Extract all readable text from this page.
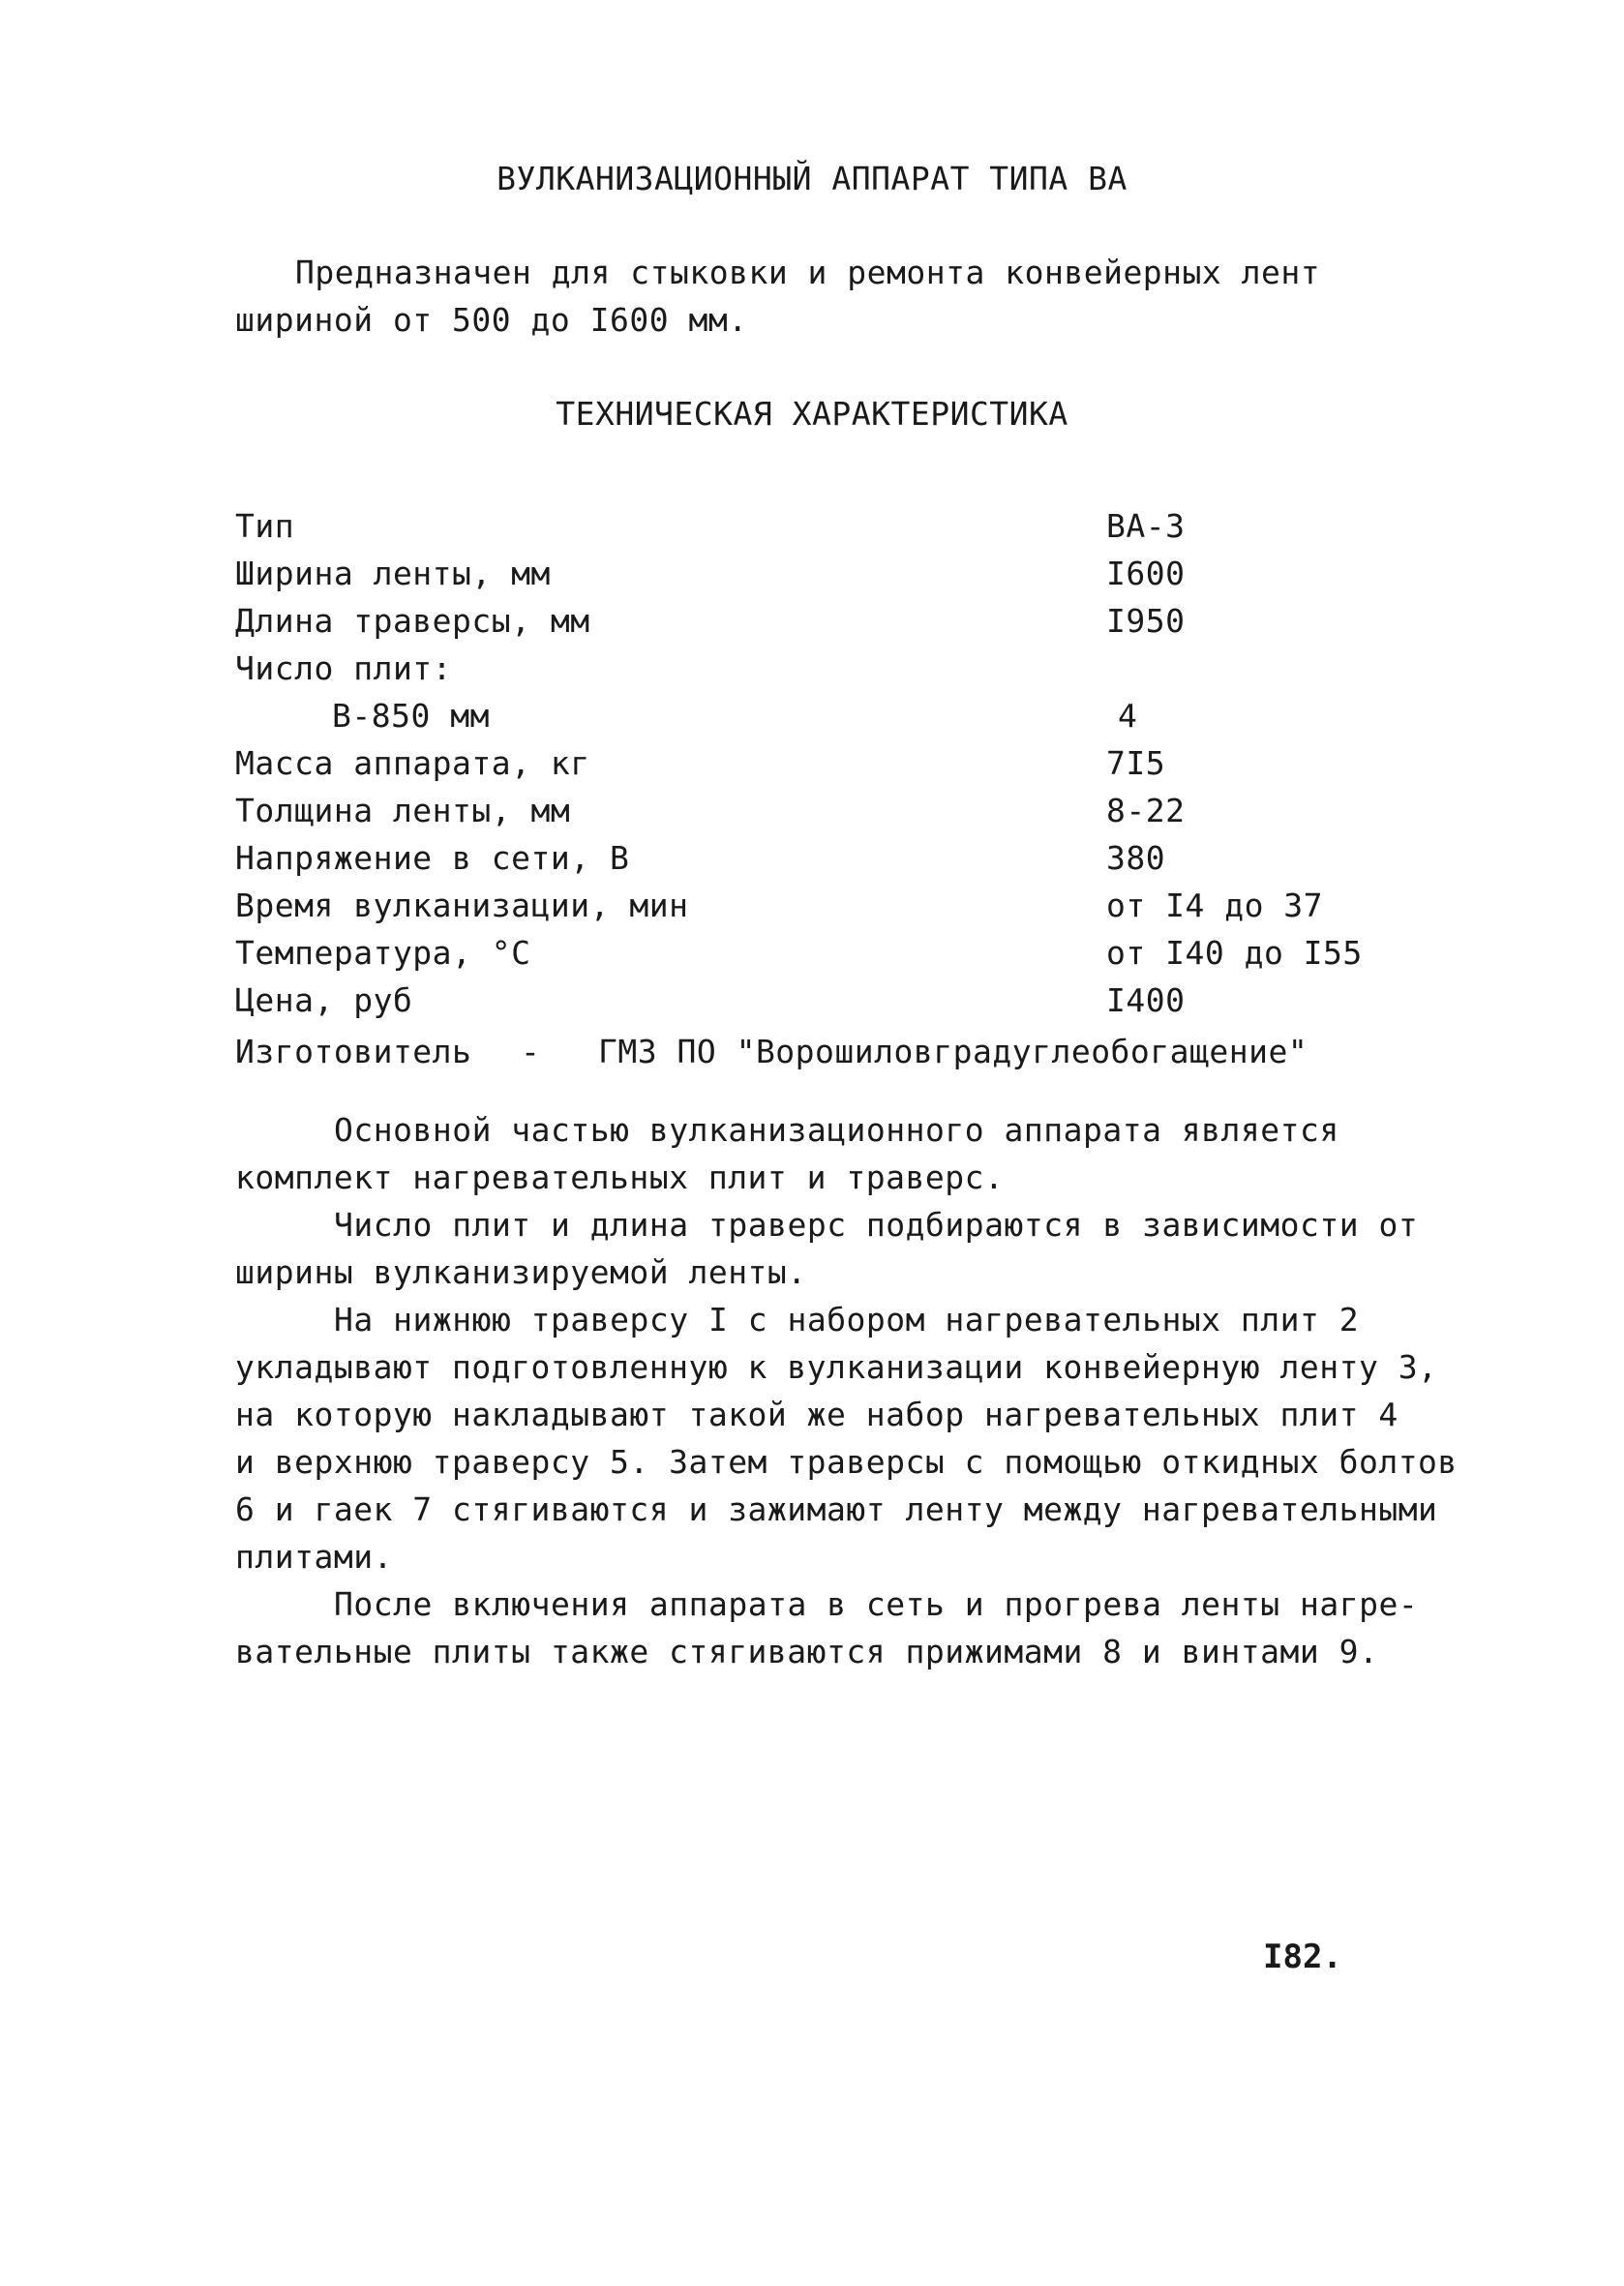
ВУЛКАНИЗАЦИОННЫЙ АППАРАТ ТИПА ВА
Предназначен для стыковки и ремонта конвейерных лент
шириной от 500 до I600 мм.
ТЕХНИЧЕСКАЯ ХАРАКТЕРИСТИКА
Тип	ВА-3
Ширина ленты, мм	I600
Длина траверсы, мм	I950
Число плит:
В-850 мм	4
Масса аппарата, кг	7I5
Толщина ленты, мм	8-22
Напряжение в сети, В	380
Время вулканизации, мин	от I4 до 37
Температура, °С	от I40 до I55
Цена, руб	I400
Изготовитель - ГМЗ ПО "Ворошиловградуглеобогащение"
Основной частью вулканизационного аппарата является
комплект нагревательных плит и траверс.
Число плит и длина траверс подбираются в зависимости от
ширины вулканизируемой ленты.
На нижнюю траверсу I с набором нагревательных плит 2
укладывают подготовленную к вулканизации конвейерную ленту 3,
на которую накладывают такой же набор нагревательных плит 4
и верхнюю траверсу 5. Затем траверсы с помощью откидных болтов
6 и гаек 7 стягиваются и зажимают ленту между нагревательными
плитами.
После включения аппарата в сеть и прогрева ленты нагре-
вательные плиты также стягиваются прижимами 8 и винтами 9.
I82.
